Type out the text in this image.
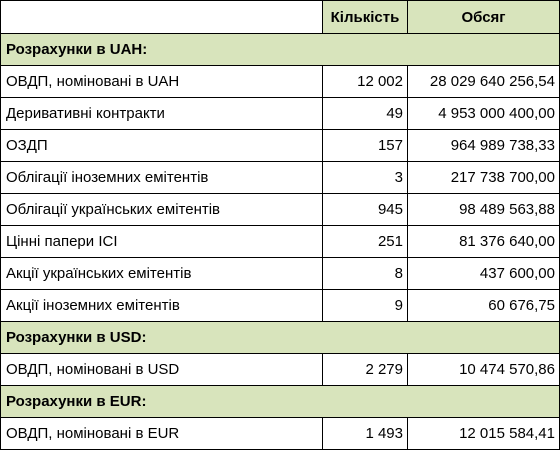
	Кількість	Обсяг
Розрахунки в UAH:		
ОВДП, номіновані в UAH	12 002	28 029 640 256,54
Деривативні контракти	49	4 953 000 400,00
ОЗДП	157	964 989 738,33
Облігації іноземних емітентів	3	217 738 700,00
Облігації українських емітентів	945	98 489 563,88
Цінні папери ІСІ	251	81 376 640,00
Акції українських емітентів	8	437 600,00
Акції іноземних емітентів	9	60 676,75
Розрахунки в USD:		
ОВДП, номіновані в USD	2 279	10 474 570,86
Розрахунки в EUR:		
ОВДП, номіновані в EUR	1 493	12 015 584,41
